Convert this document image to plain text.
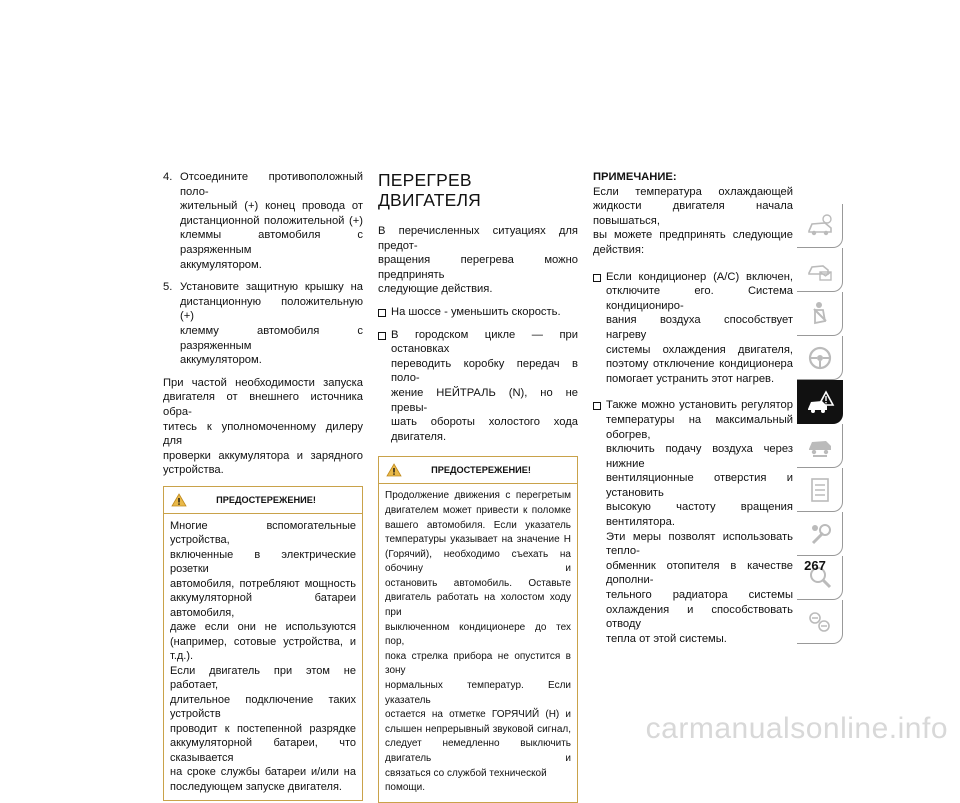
4. Отсоедините противоположный поло-
жительный (+) конец провода от
дистанционной положительной (+)
клеммы автомобиля с разряженным
аккумулятором.
5. Установите защитную крышку на
дистанционную положительную (+)
клемму автомобиля с разряженным
аккумулятором.

При частой необходимости запуска
двигателя от внешнего источника обра-
титесь к уполномоченному дилеру для
проверки аккумулятора и зарядного
устройства.

ПРЕДОСТЕРЕЖЕНИЕ!
Многие вспомогательные устройства,
включенные в электрические розетки
автомобиля, потребляют мощность
аккумуляторной батареи автомобиля,
даже если они не используются
(например, сотовые устройства, и т.д.).
Если двигатель при этом не работает,
длительное подключение таких устройств
проводит к постепенной разрядке
аккумуляторной батареи, что сказывается
на сроке службы батареи и/или на
последующем запуске двигателя.
ПЕРЕГРЕВ ДВИГАТЕЛЯ

В перечисленных ситуациях для предот-
вращения перегрева можно предпринять
следующие действия.

На шоссе - уменьшить скорость.
В городском цикле — при остановках
переводить коробку передач в поло-
жение НЕЙТРАЛЬ (N), но не превы-
шать обороты холостого хода
двигателя.
ПРЕДОСТЕРЕЖЕНИЕ!
Продолжение движения с перегретым
двигателем может привести к поломке
вашего автомобиля. Если указатель
температуры указывает на значение H
(Горячий), необходимо съехать на обочину и
остановить автомобиль. Оставьте
двигатель работать на холостом ходу при
выключенном кондиционере до тех пор,
пока стрелка прибора не опустится в зону
нормальных температур. Если указатель
остается на отметке ГОРЯЧИЙ (H) и
слышен непрерывный звуковой сигнал,
следует немедленно выключить двигатель и
связаться со службой технической помощи.
ПРИМЕЧАНИЕ:

Если температура охлаждающей
жидкости двигателя начала повышаться,
вы можете предпринять следующие
действия:

Если кондиционер (A/C) включен,
отключите его. Система кондициониро-
вания воздуха способствует нагреву
системы охлаждения двигателя,
поэтому отключение кондиционера
помогает устранить этот нагрев.
Также можно установить регулятор
температуры на максимальный обогрев,
включить подачу воздуха через нижние
вентиляционные отверстия и установить
высокую частоту вращения вентилятора.
Эти меры позволят использовать тепло-
обменник отопителя в качестве дополни-
тельного радиатора системы
охлаждения и способствовать отводу
тепла от этой системы.
267
carmanualsonline.info
